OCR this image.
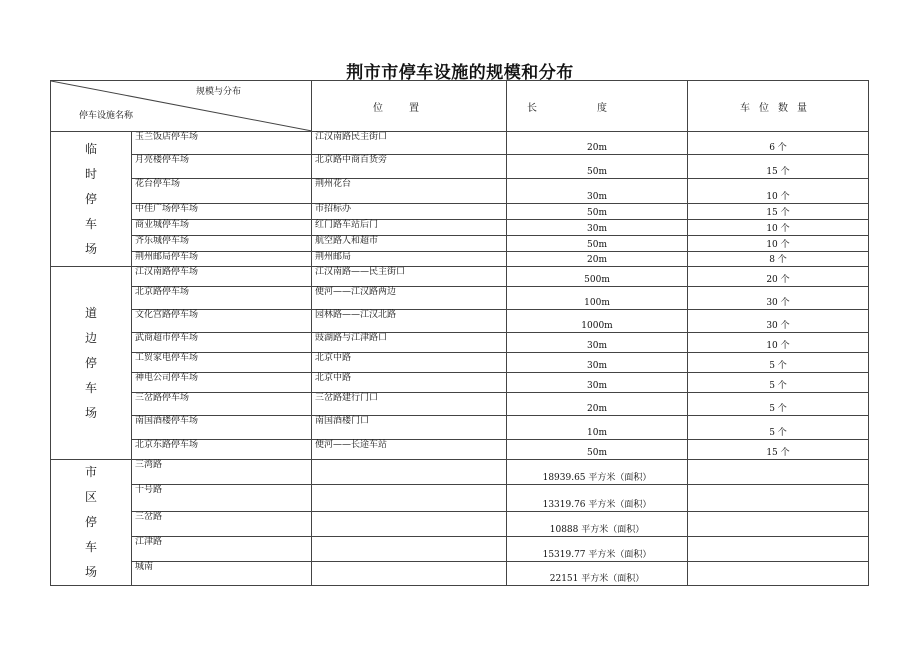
荆市市停车设施的规模和分布
规模与分布
停车设施名称		位置	长度	车位数量
临
时
停
车
场	玉兰饭店停车场	江汉南路民主街口	20m	6 个
	月亮楼停车场	北京路中商百货旁	50m	15 个
	花台停车场	荆州花台	30m	10 个
	中佳广场停车场	市招标办	50m	15 个
	商业城停车场	红门路车站后门	30m	10 个
	齐乐城停车场	航空路人和超市	50m	10 个
	荆州邮局停车场	荆州邮局	20m	8 个
道
边
停
车
场	江汉南路停车场	江汉南路——民主街口	500m	20 个
	北京路停车场	便河——江汉路两边	100m	30 个
	文化宫路停车场	园林路——江汉北路	1000m	30 个
	武商超市停车场	豉湖路与江津路口	30m	10 个
	工贸家电停车场	北京中路	30m	5 个
	神电公司停车场	北京中路	30m	5 个
	三岔路停车场	三岔路建行门口	20m	5 个
	南国酒楼停车场	南国酒楼门口	10m	5 个
	北京东路停车场	便河——长途车站	50m	15 个
市
区
停
车
场	三湾路		18939.65 平方米（面积）	
	十号路		13319.76 平方米（面积）	
	三岔路		10888 平方米（面积）	
	江津路		15319.77 平方米（面积）	
	城南		22151 平方米（面积）	
